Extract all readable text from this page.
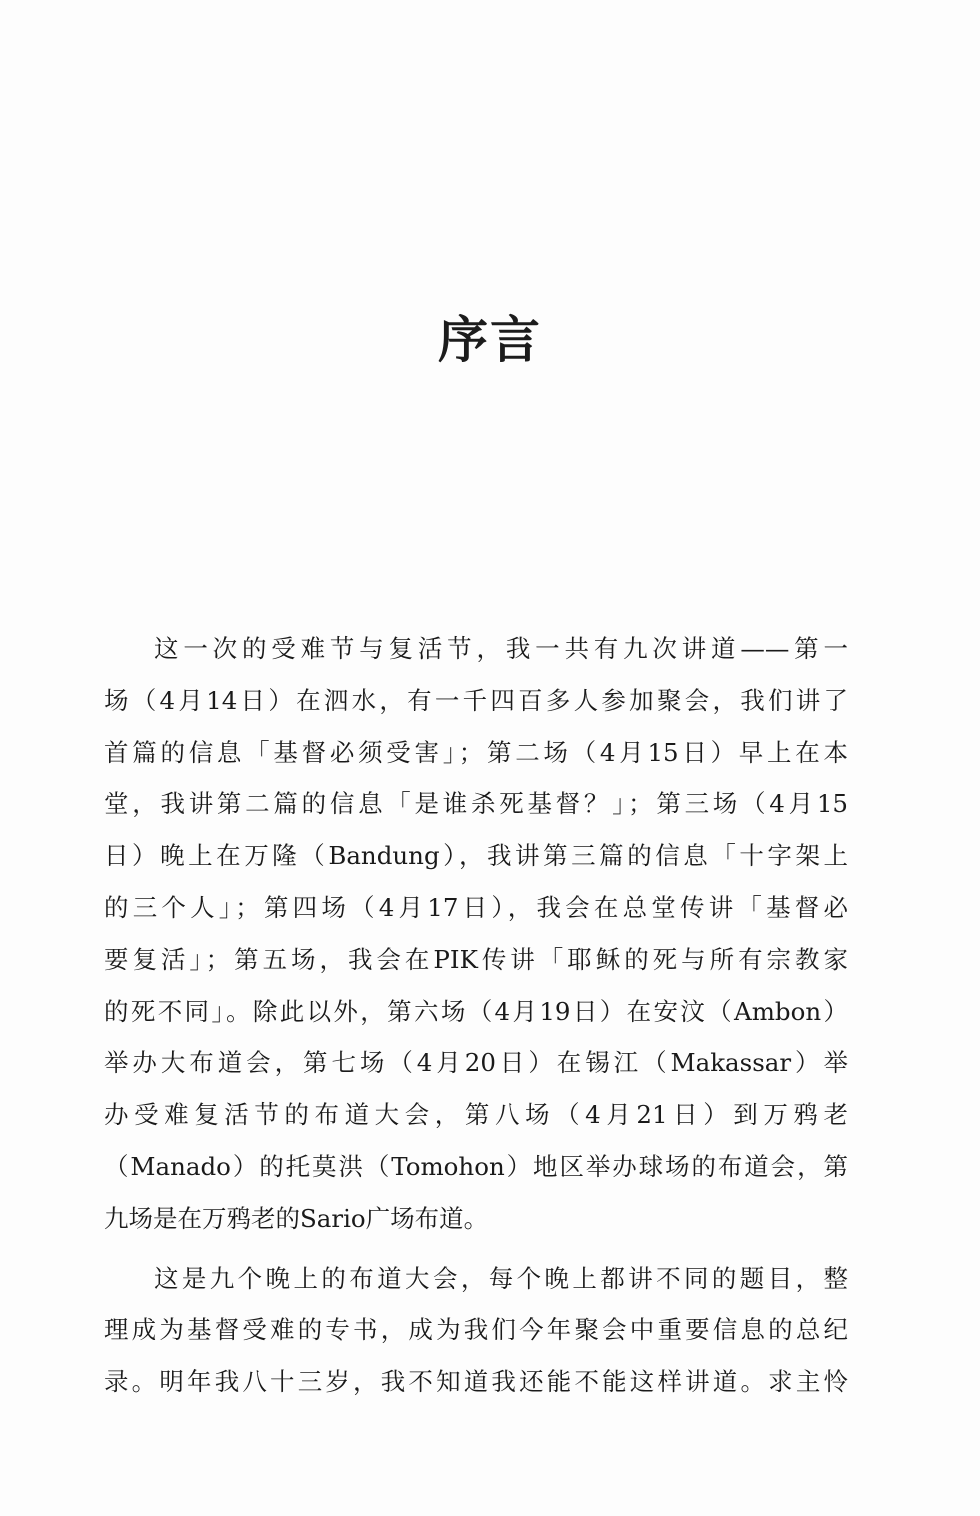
序言
这一次的受难节与复活节，我一共有九次讲道——第一
场（4月14日）在泗水，有一千四百多人参加聚会，我们讲了
首篇的信息「基督必须受害」；第二场（4月15日）早上在本
堂，我讲第二篇的信息「是谁杀死基督？」；第三场（4月15
日）晚上在万隆（Bandung），我讲第三篇的信息「十字架上
的三个人」；第四场（4月17日），我会在总堂传讲「基督必
要复活」；第五场，我会在PIK传讲「耶稣的死与所有宗教家
的死不同」。除此以外，第六场（4月19日）在安汶（Ambon）
举办大布道会，第七场（4月20日）在锡江（Makassar）举
办受难复活节的布道大会，第八场（4月21日）到万鸦老
（Manado）的托莫洪（Tomohon）地区举办球场的布道会，第
九场是在万鸦老的Sario广场布道。
这是九个晚上的布道大会，每个晚上都讲不同的题目，整
理成为基督受难的专书，成为我们今年聚会中重要信息的总纪
录。明年我八十三岁，我不知道我还能不能这样讲道。求主怜
